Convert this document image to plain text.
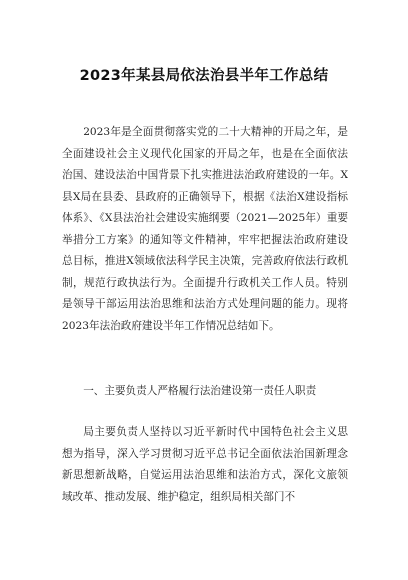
2023年某县局依法治县半年工作总结
2023年是全面贯彻落实党的二十大精神的开局之年，是全面建设社会主义现代化国家的开局之年，也是在全面依法治国、建设法治中国背景下扎实推进法治政府建设的一年。X县X局在县委、县政府的正确领导下，根据《法治X建设指标体系》、《X县法治社会建设实施纲要（2021—2025年）重要举措分工方案》的通知等文件精神，牢牢把握法治政府建设总目标，推进X领域依法科学民主决策，完善政府依法行政机制，规范行政执法行为。全面提升行政机关工作人员。特别是领导干部运用法治思维和法治方式处理问题的能力。现将2023年法治政府建设半年工作情况总结如下。
一、主要负责人严格履行法治建设第一责任人职责
局主要负责人坚持以习近平新时代中国特色社会主义思想为指导，深入学习贯彻习近平总书记全面依法治国新理念新思想新战略，自觉运用法治思维和法治方式，深化文旅领域改革、推动发展、维护稳定，组织局相关部门不
